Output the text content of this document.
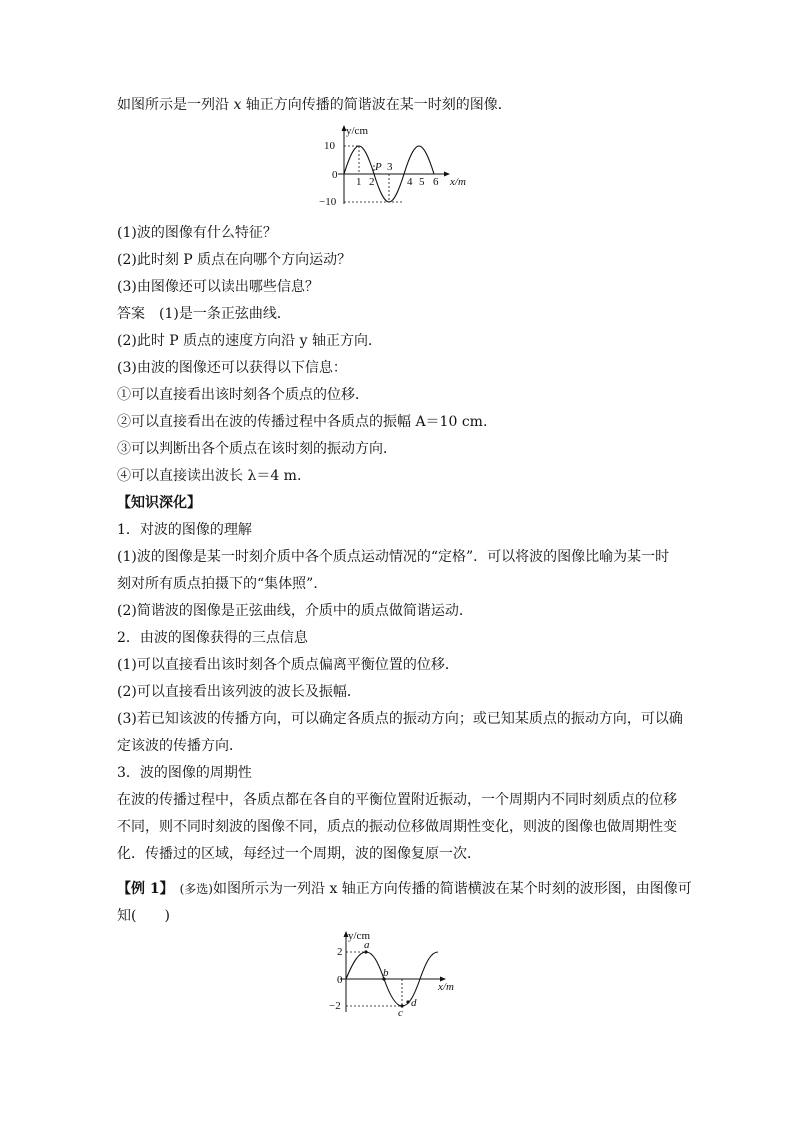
如图所示是一列沿 x 轴正方向传播的简谐波在某一时刻的图像．
y/cm
10
0
−10
1 2
3
4 5 6
P
x/m
(1)波的图像有什么特征？
(2)此时刻 P 质点在向哪个方向运动？
(3)由图像还可以读出哪些信息？
答案 (1)是一条正弦曲线．
(2)此时 P 质点的速度方向沿 y 轴正方向．
(3)由波的图像还可以获得以下信息：
①可以直接看出该时刻各个质点的位移．
②可以直接看出在波的传播过程中各质点的振幅 A＝10 cm.
③可以判断出各个质点在该时刻的振动方向．
④可以直接读出波长 λ＝4 m.
【知识深化】
1．对波的图像的理解
(1)波的图像是某一时刻介质中各个质点运动情况的“定格”．可以将波的图像比喻为某一时
刻对所有质点拍摄下的“集体照”．
(2)简谐波的图像是正弦曲线，介质中的质点做简谐运动．
2．由波的图像获得的三点信息
(1)可以直接看出该时刻各个质点偏离平衡位置的位移．
(2)可以直接看出该列波的波长及振幅．
(3)若已知该波的传播方向，可以确定各质点的振动方向；或已知某质点的振动方向，可以确
定该波的传播方向．
3．波的图像的周期性
在波的传播过程中，各质点都在各自的平衡位置附近振动，一个周期内不同时刻质点的位移
不同，则不同时刻波的图像不同，质点的振动位移做周期性变化，则波的图像也做周期性变
化．传播过的区域，每经过一个周期，波的图像复原一次．
【例 1】 (多选)如图所示为一列沿 x 轴正方向传播的简谐横波在某个时刻的波形图，由图像可
知(　　)
y/cm
2
0
−2
a
b
c
d
x/m
